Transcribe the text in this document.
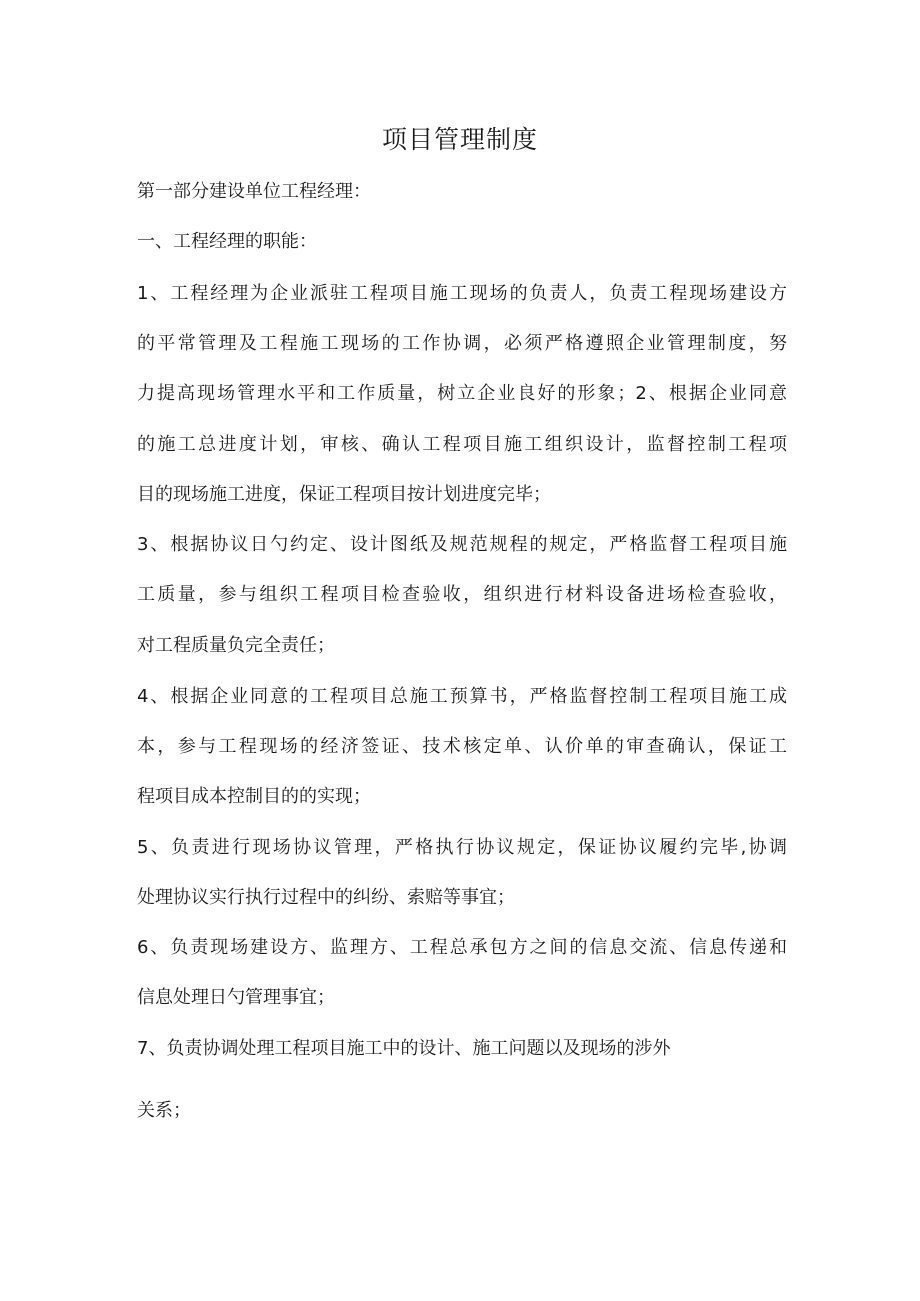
项目管理制度

第一部分建设单位工程经理：

一、工程经理的职能：

1、工程经理为企业派驻工程项目施工现场的负责人，负责工程现场建设方

的平常管理及工程施工现场的工作协调，必须严格遵照企业管理制度，努

力提高现场管理水平和工作质量，树立企业良好的形象；2、根据企业同意

的施工总进度计划，审核、确认工程项目施工组织设计，监督控制工程项

目的现场施工进度，保证工程项目按计划进度完毕；

3、根据协议日勺约定、设计图纸及规范规程的规定，严格监督工程项目施

工质量，参与组织工程项目检查验收，组织进行材料设备进场检查验收，

对工程质量负完全责任；

4、根据企业同意的工程项目总施工预算书，严格监督控制工程项目施工成

本，参与工程现场的经济签证、技术核定单、认价单的审查确认，保证工

程项目成本控制目的的实现；

5、负责进行现场协议管理，严格执行协议规定，保证协议履约完毕,协调

处理协议实行执行过程中的纠纷、索赔等事宜；

6、负责现场建设方、监理方、工程总承包方之间的信息交流、信息传递和

信息处理日勺管理事宜；

7、负责协调处理工程项目施工中的设计、施工问题以及现场的涉外

关系；
